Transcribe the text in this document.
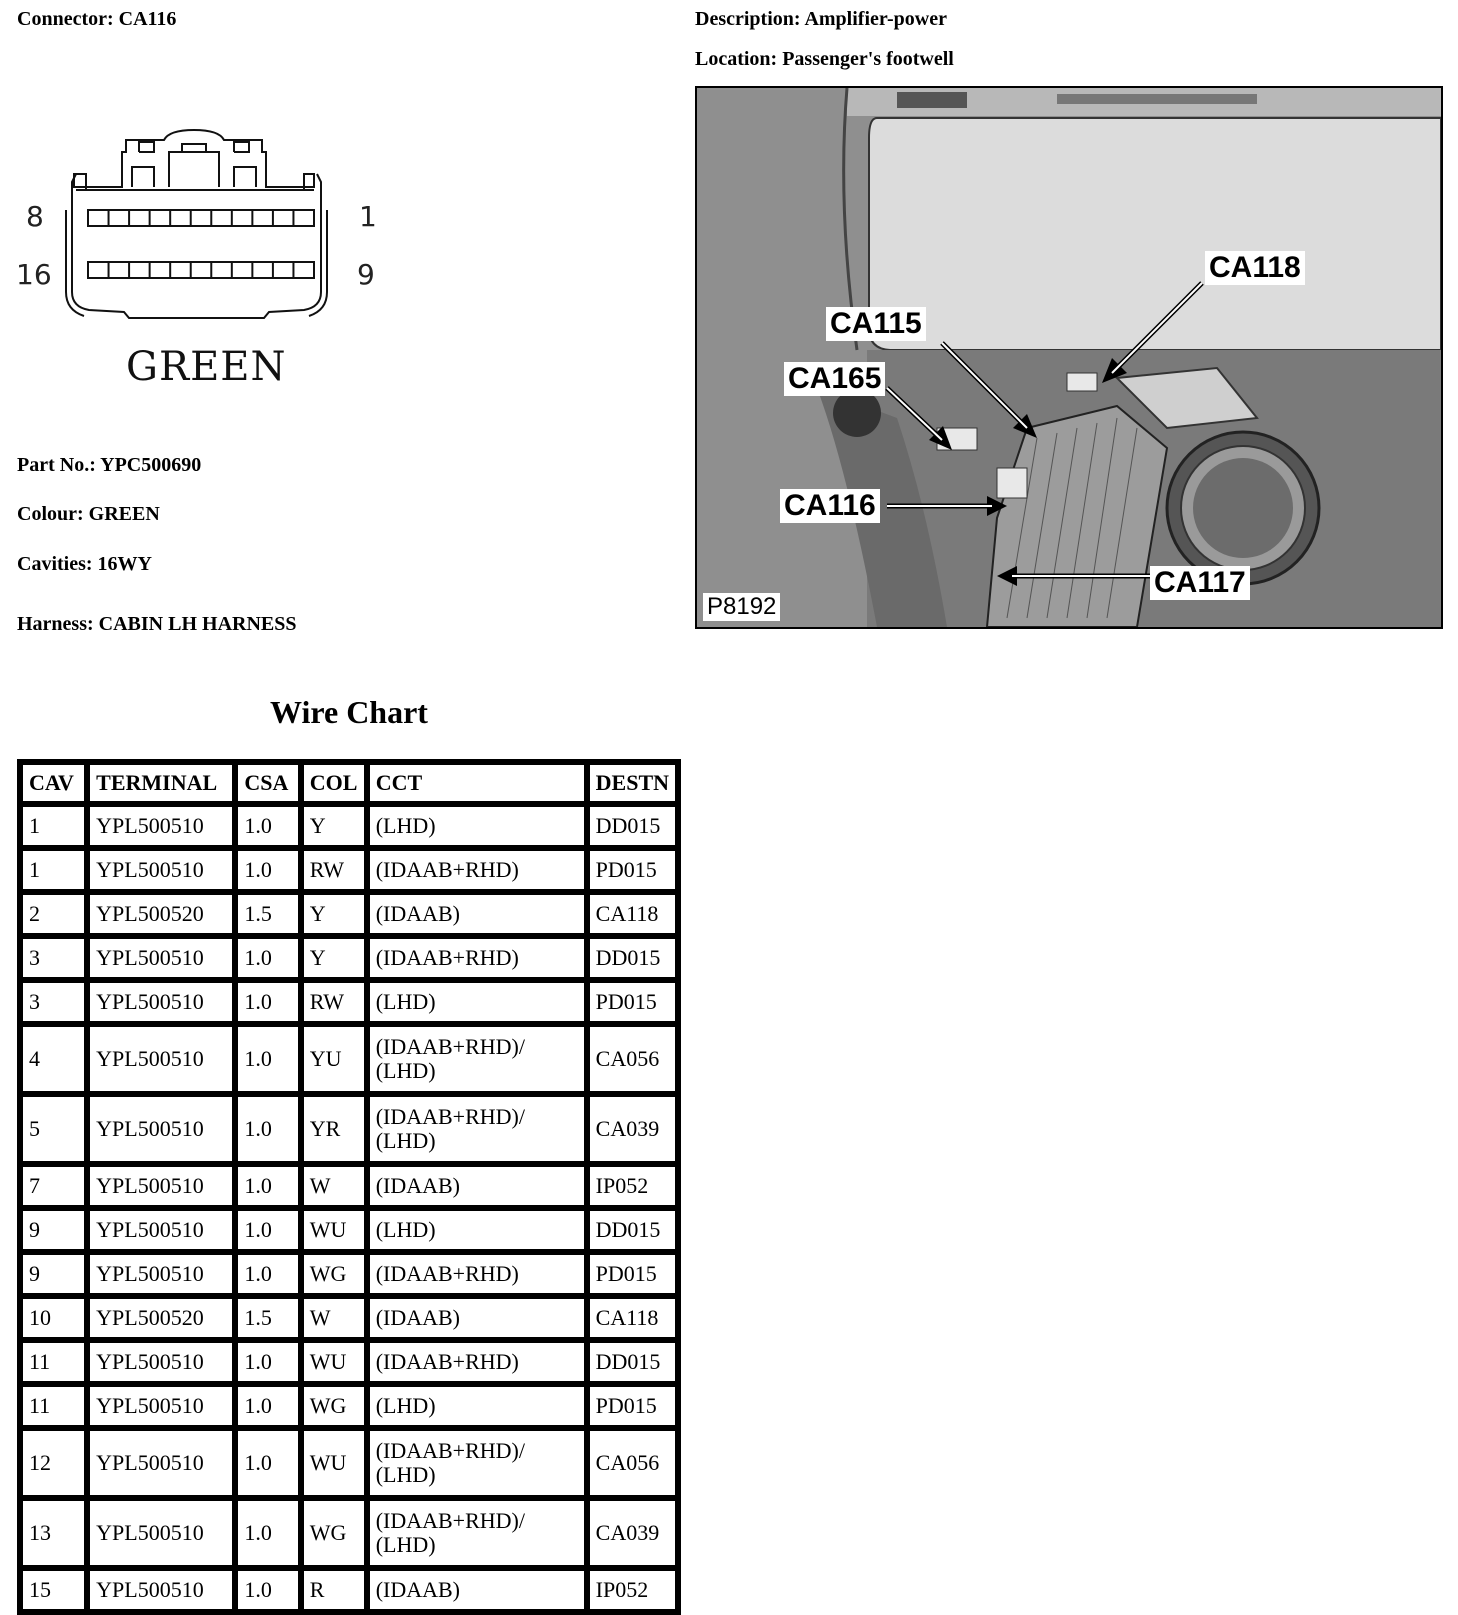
Connector: CA116	Description: Amplifier-power
Location: Passenger's footwell
8	1
16	9
GREEN
Part No.: YPC500690
Colour: GREEN
Cavities: 16WY
Harness: CABIN LH HARNESS
CA118
CA115
CA165
CA116
CA117
P8192
Wire Chart
CAV	TERMINAL	CSA	COL	CCT	DESTN
1	YPL500510	1.0	Y	(LHD)	DD015
1	YPL500510	1.0	RW	(IDAAB+RHD)	PD015
2	YPL500520	1.5	Y	(IDAAB)	CA118
3	YPL500510	1.0	Y	(IDAAB+RHD)	DD015
3	YPL500510	1.0	RW	(LHD)	PD015
4	YPL500510	1.0	YU	(IDAAB+RHD)/
(LHD)	CA056
5	YPL500510	1.0	YR	(IDAAB+RHD)/
(LHD)	CA039
7	YPL500510	1.0	W	(IDAAB)	IP052
9	YPL500510	1.0	WU	(LHD)	DD015
9	YPL500510	1.0	WG	(IDAAB+RHD)	PD015
10	YPL500520	1.5	W	(IDAAB)	CA118
11	YPL500510	1.0	WU	(IDAAB+RHD)	DD015
11	YPL500510	1.0	WG	(LHD)	PD015
12	YPL500510	1.0	WU	(IDAAB+RHD)/
(LHD)	CA056
13	YPL500510	1.0	WG	(IDAAB+RHD)/
(LHD)	CA039
15	YPL500510	1.0	R	(IDAAB)	IP052
